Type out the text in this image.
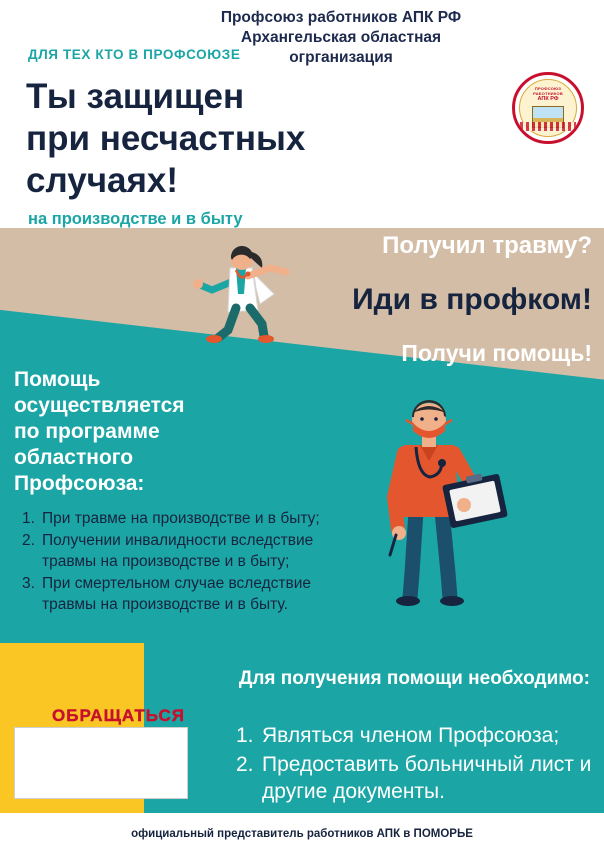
Профсоюз работников АПК РФ
Архангельская областная
огрганизация
ПРОФСОЮЗ РАБОТНИКОВ
АПК РФ
ДЛЯ ТЕХ КТО В ПРОФСОЮЗЕ
Ты защищен
при несчастных
случаях!
на производстве и в быту
Получил травму?
Иди в профком!
Получи помощь!
Помощь
осуществляется
по программе
областного
Профсоюза:
1. При травме на производстве и в быту;
2. Получении инвалидности вследствие травмы на производстве и в быту;
3. При смертельном случае вследствие травмы на производстве и в быту.
Для получения помощи необходимо:
1. Являться членом Профсоюза;
2. Предоставить больничный лист и другие документы.
ОБРАЩАТЬСЯ
официальный представитель работников АПК в ПОМОРЬЕ
